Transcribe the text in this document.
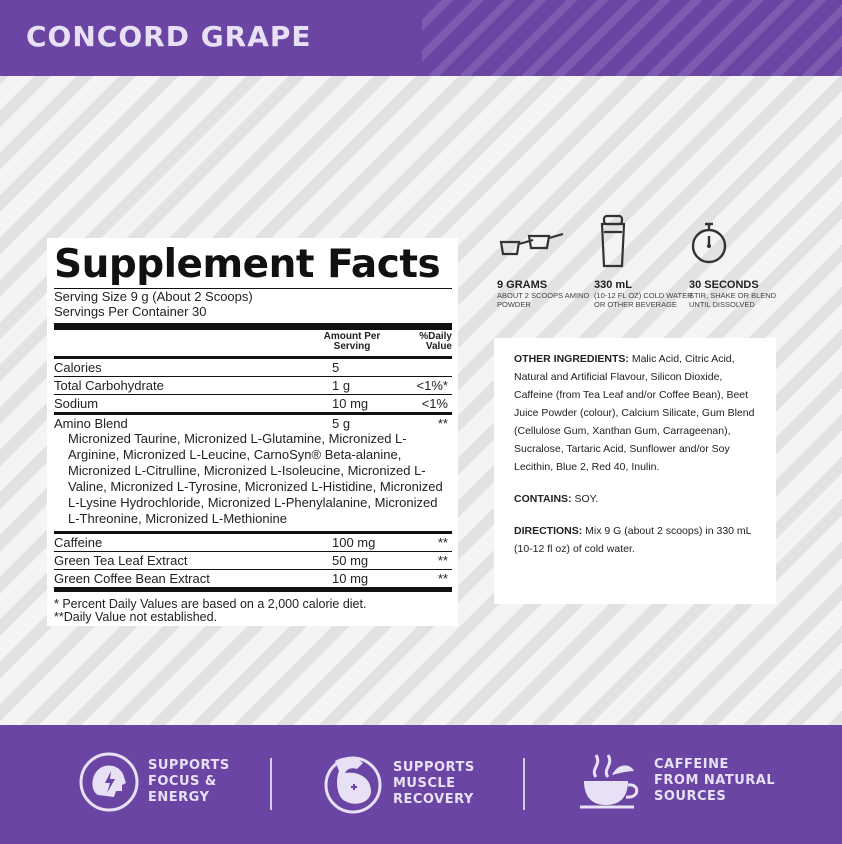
CONCORD GRAPE
Supplement Facts
Serving Size 9 g (About 2 Scoops)
Servings Per Container 30
Amount Per Serving
%Daily Value
Calories	5
Total Carbohydrate	1 g	<1%*
Sodium	10 mg	<1%
Amino Blend	5 g	**
Micronized Taurine, Micronized L-Glutamine, Micronized L-Arginine, Micronized L-Leucine, CarnoSyn® Beta-alanine, Micronized L-Citrulline, Micronized L-Isoleucine, Micronized L-Valine, Micronized L-Tyrosine, Micronized L-Histidine, Micronized L-Lysine Hydrochloride, Micronized L-Phenylalanine, Micronized L-Threonine, Micronized L-Methionine
Caffeine	100 mg	**
Green Tea Leaf Extract	50 mg	**
Green Coffee Bean Extract	10 mg	**
* Percent Daily Values are based on a 2,000 calorie diet.
**Daily Value not established.
9 GRAMS
ABOUT 2 SCOOPS AMINO POWDER
330 mL
(10-12 FL OZ) COLD WATER OR OTHER BEVERAGE
30 SECONDS
STIR, SHAKE OR BLEND UNTIL DISSOLVED

OTHER INGREDIENTS: Malic Acid, Citric Acid, Natural and Artificial Flavour, Silicon Dioxide, Caffeine (from Tea Leaf and/or Coffee Bean), Beet Juice Powder (colour), Calcium Silicate, Gum Blend (Cellulose Gum, Xanthan Gum, Carrageenan), Sucralose, Tartaric Acid, Sunflower and/or Soy Lecithin, Blue 2, Red 40, Inulin.

CONTAINS: SOY.

DIRECTIONS: Mix 9 G (about 2 scoops) in 330 mL (10-12 fl oz) of cold water.

SUPPORTS
FOCUS &
ENERGY
SUPPORTS
MUSCLE
RECOVERY
CAFFEINE
FROM NATURAL
SOURCES
